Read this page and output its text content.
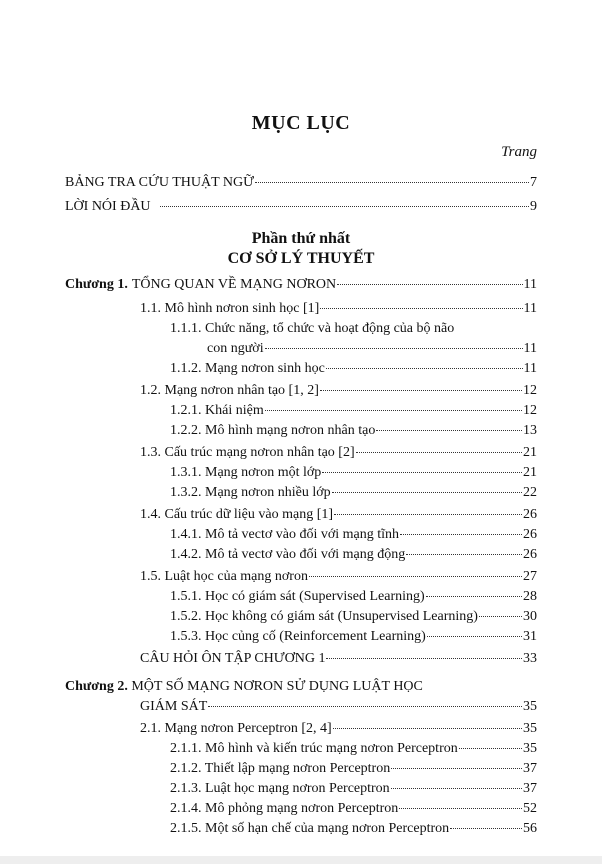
MỤC LỤC
Trang
BẢNG TRA CỨU THUẬT NGỮ	7
LỜI NÓI ĐẦU	9
Phần thứ nhất
CƠ SỞ LÝ THUYẾT
Chương 1. TỔNG QUAN VỀ MẠNG NƠRON	11
1.1. Mô hình nơron sinh học [1]	11
1.1.1. Chức năng, tổ chức và hoạt động của bộ não
con người	11
1.1.2. Mạng nơron sinh học	11
1.2. Mạng nơron nhân tạo [1, 2]	12
1.2.1. Khái niệm	12
1.2.2. Mô hình mạng nơron nhân tạo	13
1.3. Cấu trúc mạng nơron nhân tạo [2]	21
1.3.1. Mạng nơron một lớp	21
1.3.2. Mạng nơron nhiều lớp	22
1.4. Cấu trúc dữ liệu vào mạng [1]	26
1.4.1. Mô tả vectơ vào đối với mạng tĩnh	26
1.4.2. Mô tả vectơ vào đối với mạng động	26
1.5. Luật học của mạng nơron	27
1.5.1. Học có giám sát (Supervised Learning)	28
1.5.2. Học không có giám sát (Unsupervised Learning)	30
1.5.3. Học củng cố (Reinforcement Learning)	31
CÂU HỎI ÔN TẬP CHƯƠNG 1	33
Chương 2. MỘT SỐ MẠNG NƠRON SỬ DỤNG LUẬT HỌC
GIÁM SÁT	35
2.1. Mạng nơron Perceptron [2, 4]	35
2.1.1. Mô hình và kiến trúc mạng nơron Perceptron	35
2.1.2. Thiết lập mạng nơron Perceptron	37
2.1.3. Luật học mạng nơron Perceptron	37
2.1.4. Mô phỏng mạng nơron Perceptron	52
2.1.5. Một số hạn chế của mạng nơron Perceptron	56
